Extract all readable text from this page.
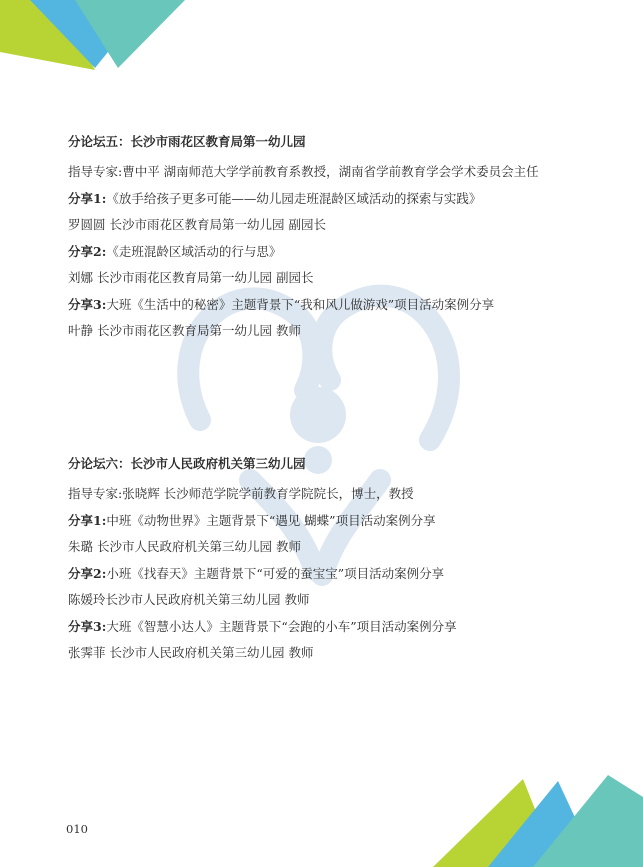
分论坛五：长沙市雨花区教育局第一幼儿园
指导专家:曹中平 湖南师范大学学前教育系教授，湖南省学前教育学会学术委员会主任
分享1:《放手给孩子更多可能——幼儿园走班混龄区域活动的探索与实践》
罗圆圆 长沙市雨花区教育局第一幼儿园 副园长
分享2:《走班混龄区域活动的行与思》
刘娜 长沙市雨花区教育局第一幼儿园 副园长
分享3:大班《生活中的秘密》主题背景下“我和风儿做游戏”项目活动案例分享
叶静 长沙市雨花区教育局第一幼儿园 教师
分论坛六：长沙市人民政府机关第三幼儿园
指导专家:张晓辉 长沙师范学院学前教育学院院长，博士，教授
分享1:中班《动物世界》主题背景下“遇见 蝴蝶”项目活动案例分享
朱璐 长沙市人民政府机关第三幼儿园 教师
分享2:小班《找春天》主题背景下“可爱的蚕宝宝”项目活动案例分享
陈媛玲长沙市人民政府机关第三幼儿园 教师
分享3:大班《智慧小达人》主题背景下“会跑的小车”项目活动案例分享
张霁菲 长沙市人民政府机关第三幼儿园 教师
010
